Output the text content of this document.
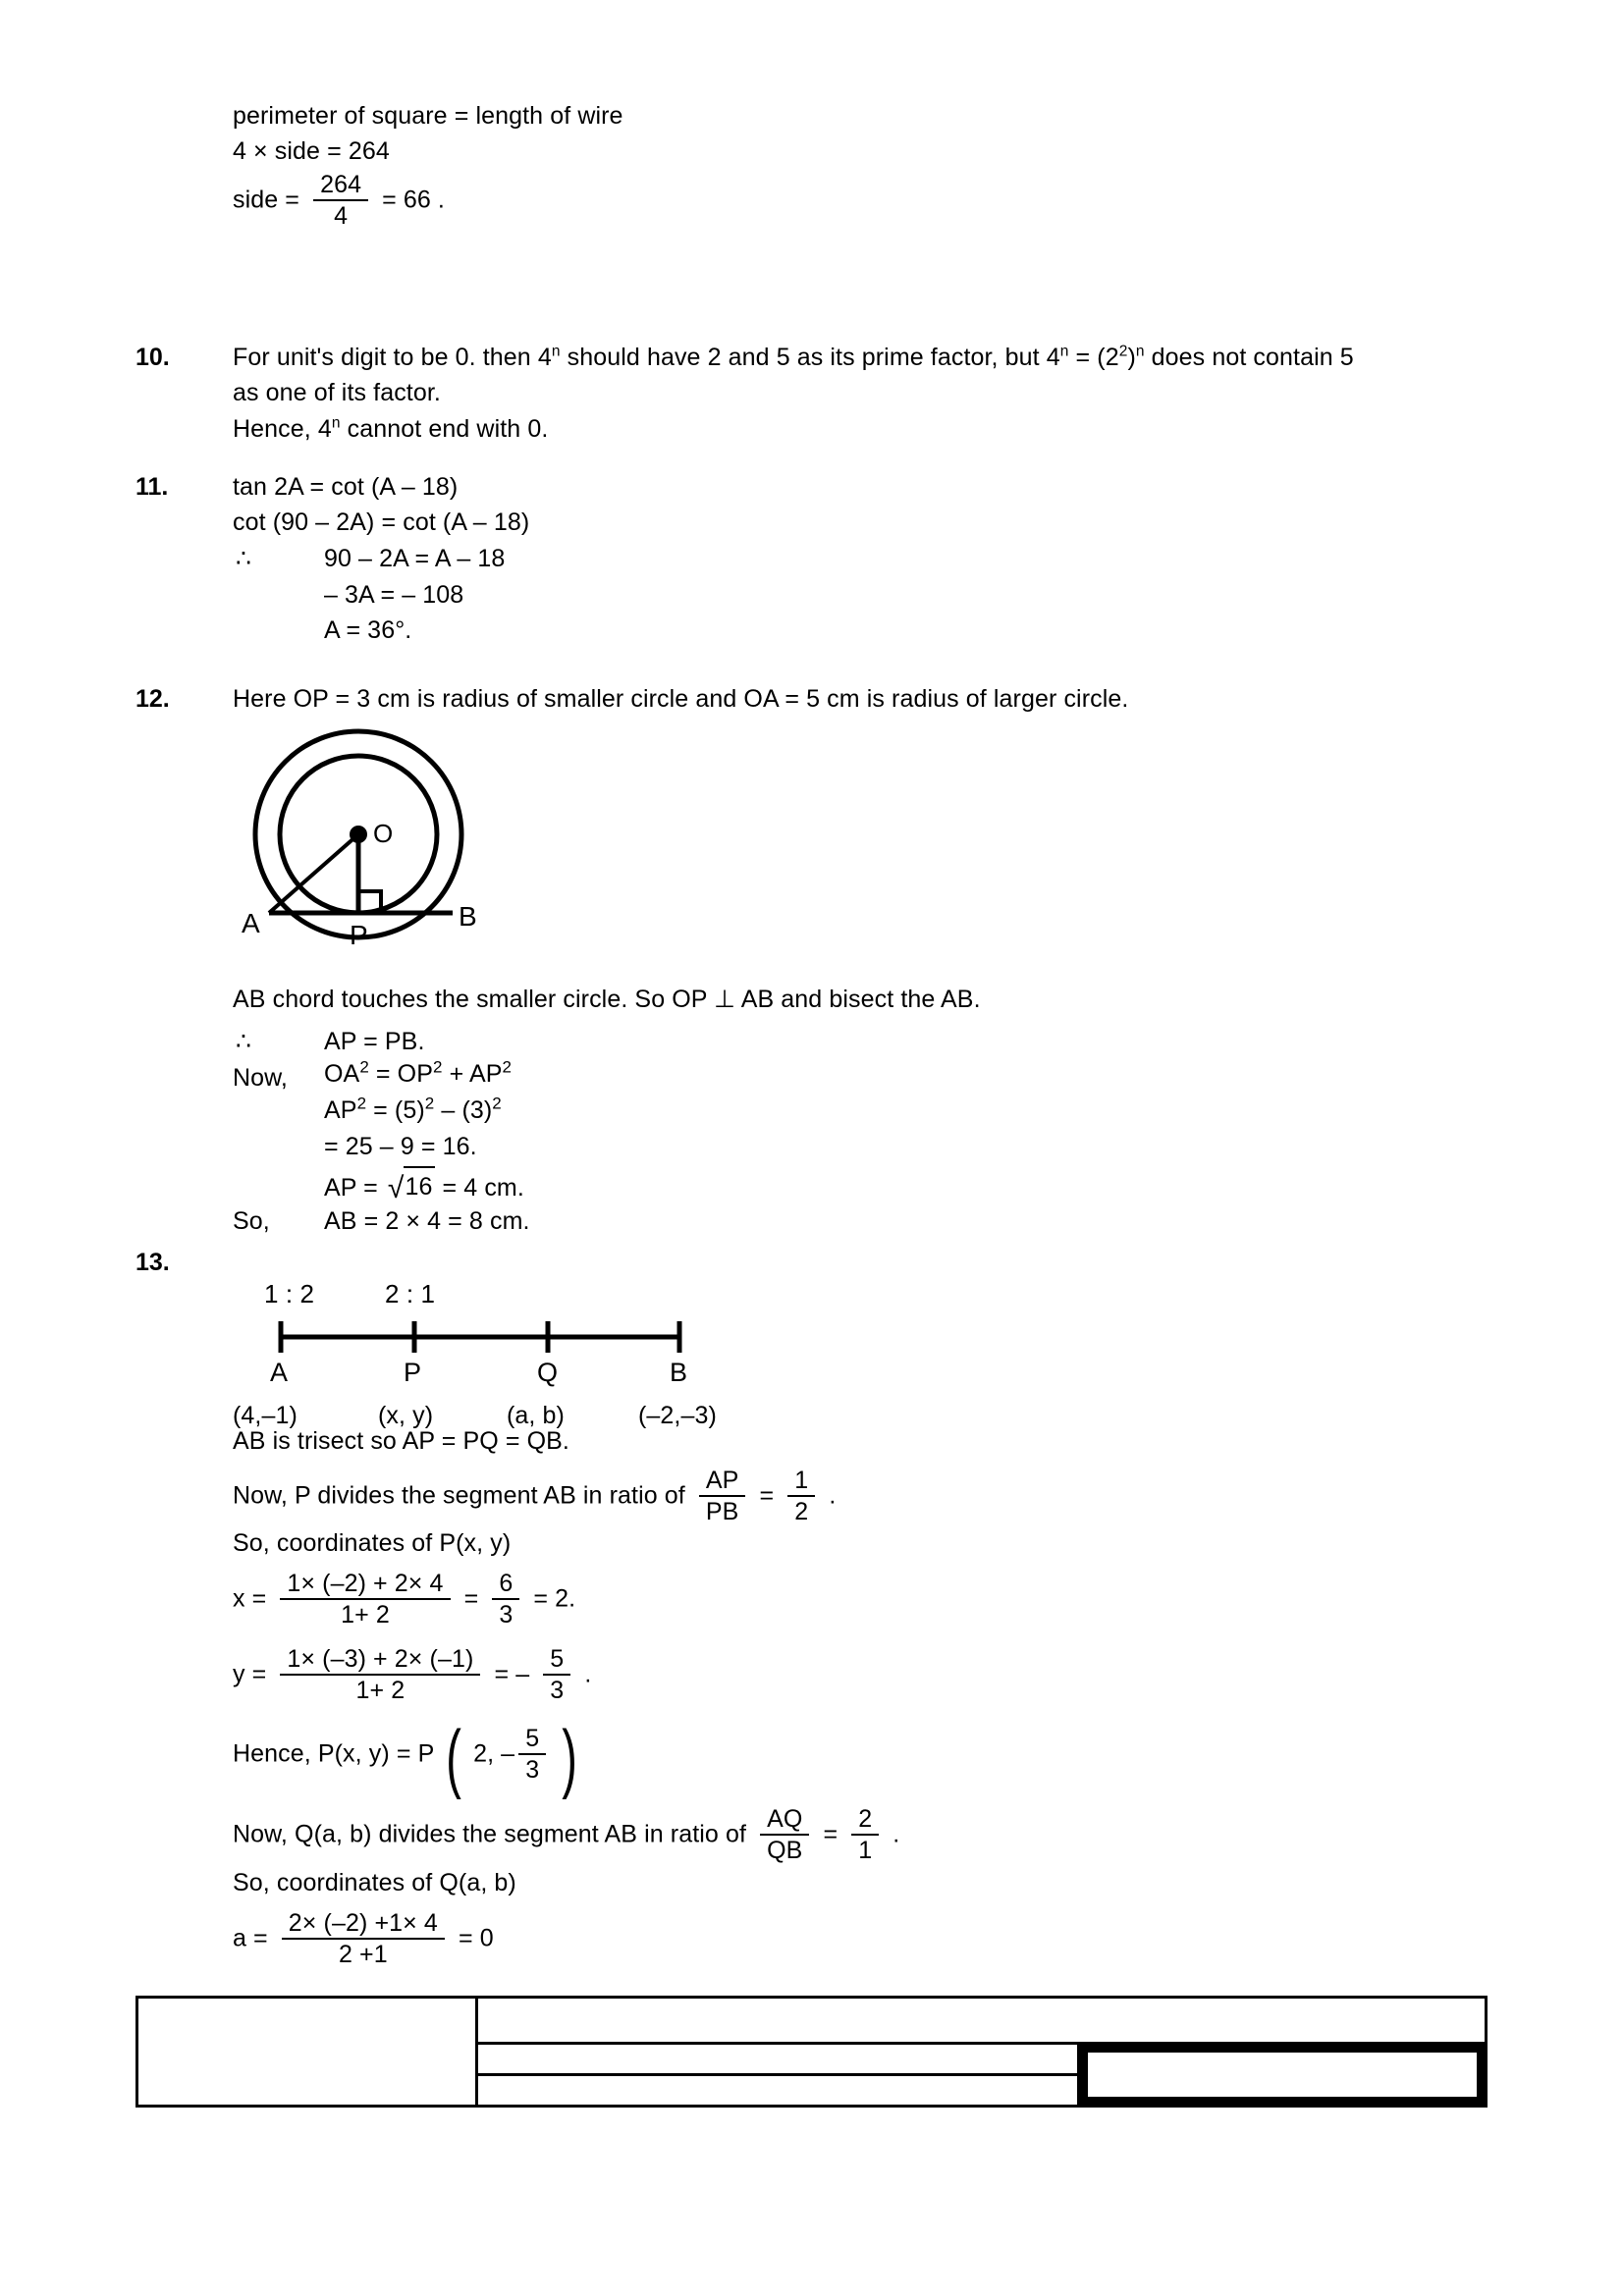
perimeter of square = length of wire
4 × side = 264
side = $\frac{264}{4} = 66$ .
10.	For unit's digit to be 0. then 4$^n$ should have 2 and 5 as its prime factor, but $4^n = (2^2)^n$ does not contain 5
as one of its factor.
Hence, 4$^n$ cannot end with 0.
11.	tan 2A = cot (A – 18)
cot (90 – 2A) = cot (A – 18)
∴	90 – 2A = A – 18
– 3A = – 108
A = 36°.
12.	Here OP = 3 cm is radius of smaller circle and OA = 5 cm is radius of larger circle.
O
A	B
P
AB chord touches the smaller circle. So OP ⊥ AB and bisect the AB.
∴	AP = PB.
Now, $OA^2 = OP^2 + AP^2$
$AP^2 = (5)^2 - (3)^2$
= 25 – 9 = 16.
AP = √16 = 4 cm.
So, AB = 2 × 4 = 8 cm.
13.
1 : 2	2 : 1
A	P	Q	B
(4,–1)	(x, y)	(a, b)	(–2,–3)
AB is trisect so AP = PQ = QB.
Now, P divides the segment AB in ratio of $\frac{AP}{PB} = \frac{1}{2}$ .
So, coordinates of P(x, y)
$x = \frac{1\times (-2) + 2\times 4}{1+ 2} = \frac{6}{3} = 2$.
$y = \frac{1\times (-3) + 2\times (-1)}{1+ 2}$ = – $\frac{5}{3}$ .
Hence, P(x, y) = P ( 2, – $\frac{5}{3}$ )
Now, Q(a, b) divides the segment AB in ratio of $\frac{AQ}{QB} = \frac{2}{1}$ .
So, coordinates of Q(a, b)
$a = \frac{2\times (-2) +1\times 4}{2 +1} = 0$
